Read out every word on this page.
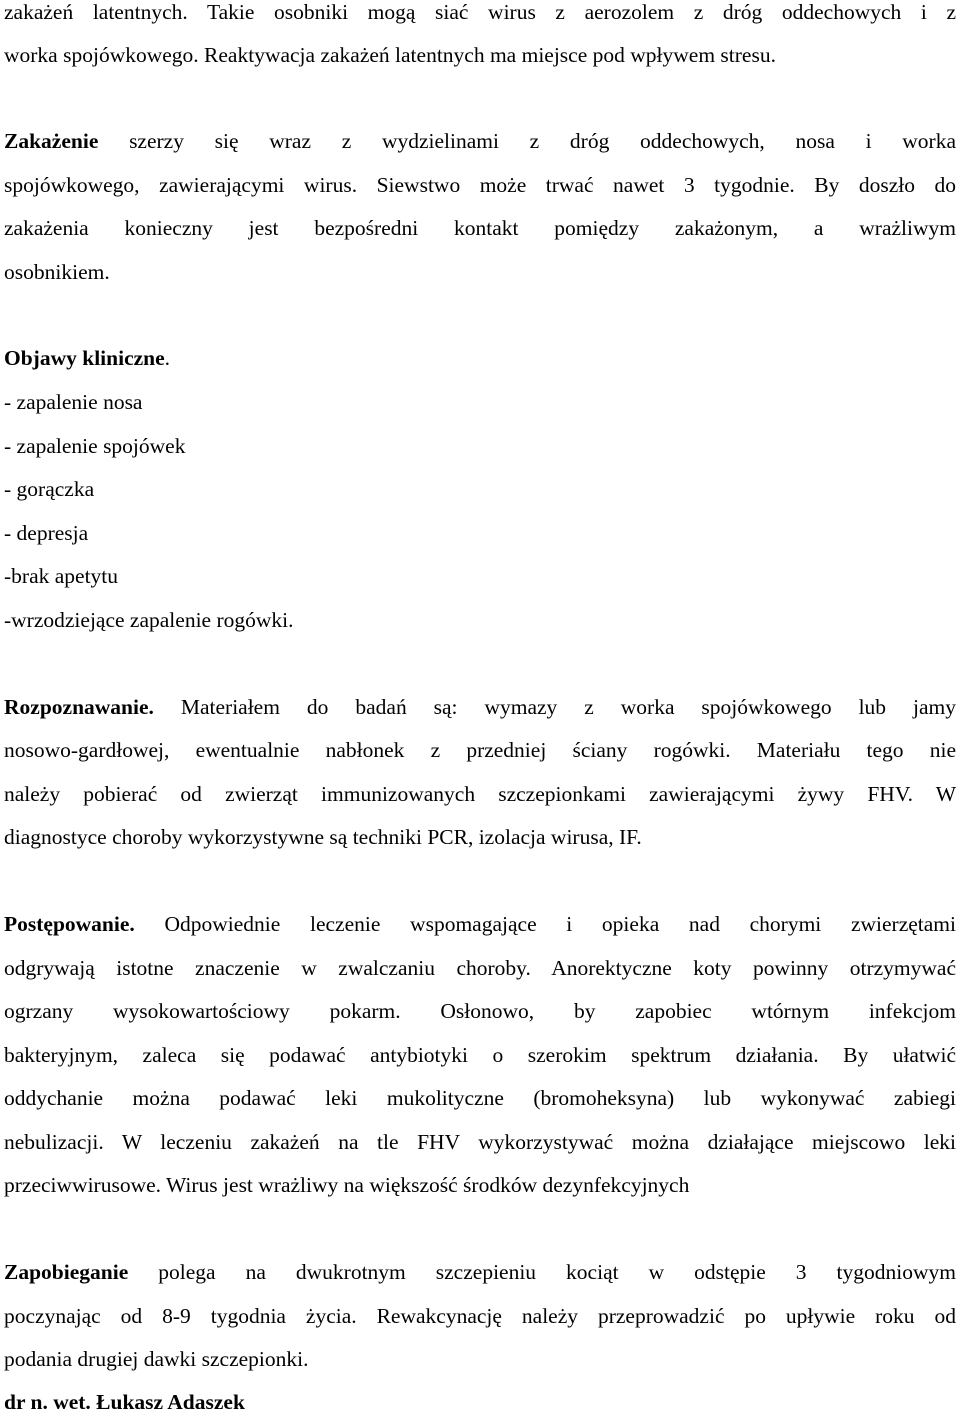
zakażeń latentnych. Takie osobniki mogą siać wirus z aerozolem z dróg oddechowych i z
worka spojówkowego. Reaktywacja zakażeń latentnych ma miejsce pod wpływem stresu.
Zakażenie szerzy się wraz z wydzielinami z dróg oddechowych, nosa i worka
spojówkowego, zawierającymi wirus. Siewstwo może trwać nawet 3 tygodnie. By doszło do
zakażenia konieczny jest bezpośredni kontakt pomiędzy zakażonym, a wrażliwym
osobnikiem.
Objawy kliniczne.
- zapalenie nosa
- zapalenie spojówek
- gorączka
- depresja
-brak apetytu
-wrzodziejące zapalenie rogówki.
Rozpoznawanie. Materiałem do badań są: wymazy z worka spojówkowego lub jamy
nosowo-gardłowej, ewentualnie nabłonek z przedniej ściany rogówki. Materiału tego nie
należy pobierać od zwierząt immunizowanych szczepionkami zawierającymi żywy FHV. W
diagnostyce choroby wykorzystywne są techniki PCR, izolacja wirusa, IF.
Postępowanie. Odpowiednie leczenie wspomagające i opieka nad chorymi zwierzętami
odgrywają istotne znaczenie w zwalczaniu choroby. Anorektyczne koty powinny otrzymywać
ogrzany wysokowartościowy pokarm. Osłonowo, by zapobiec wtórnym infekcjom
bakteryjnym, zaleca się podawać antybiotyki o szerokim spektrum działania. By ułatwić
oddychanie można podawać leki mukolityczne (bromoheksyna) lub wykonywać zabiegi
nebulizacji. W leczeniu zakażeń na tle FHV wykorzystywać można działające miejscowo leki
przeciwwirusowe. Wirus jest wrażliwy na większość środków dezynfekcyjnych
Zapobieganie polega na dwukrotnym szczepieniu kociąt w odstępie 3 tygodniowym
poczynając od 8-9 tygodnia życia. Rewakcynację należy przeprowadzić po upływie roku od
podania drugiej dawki szczepionki.
dr n. wet. Łukasz Adaszek
